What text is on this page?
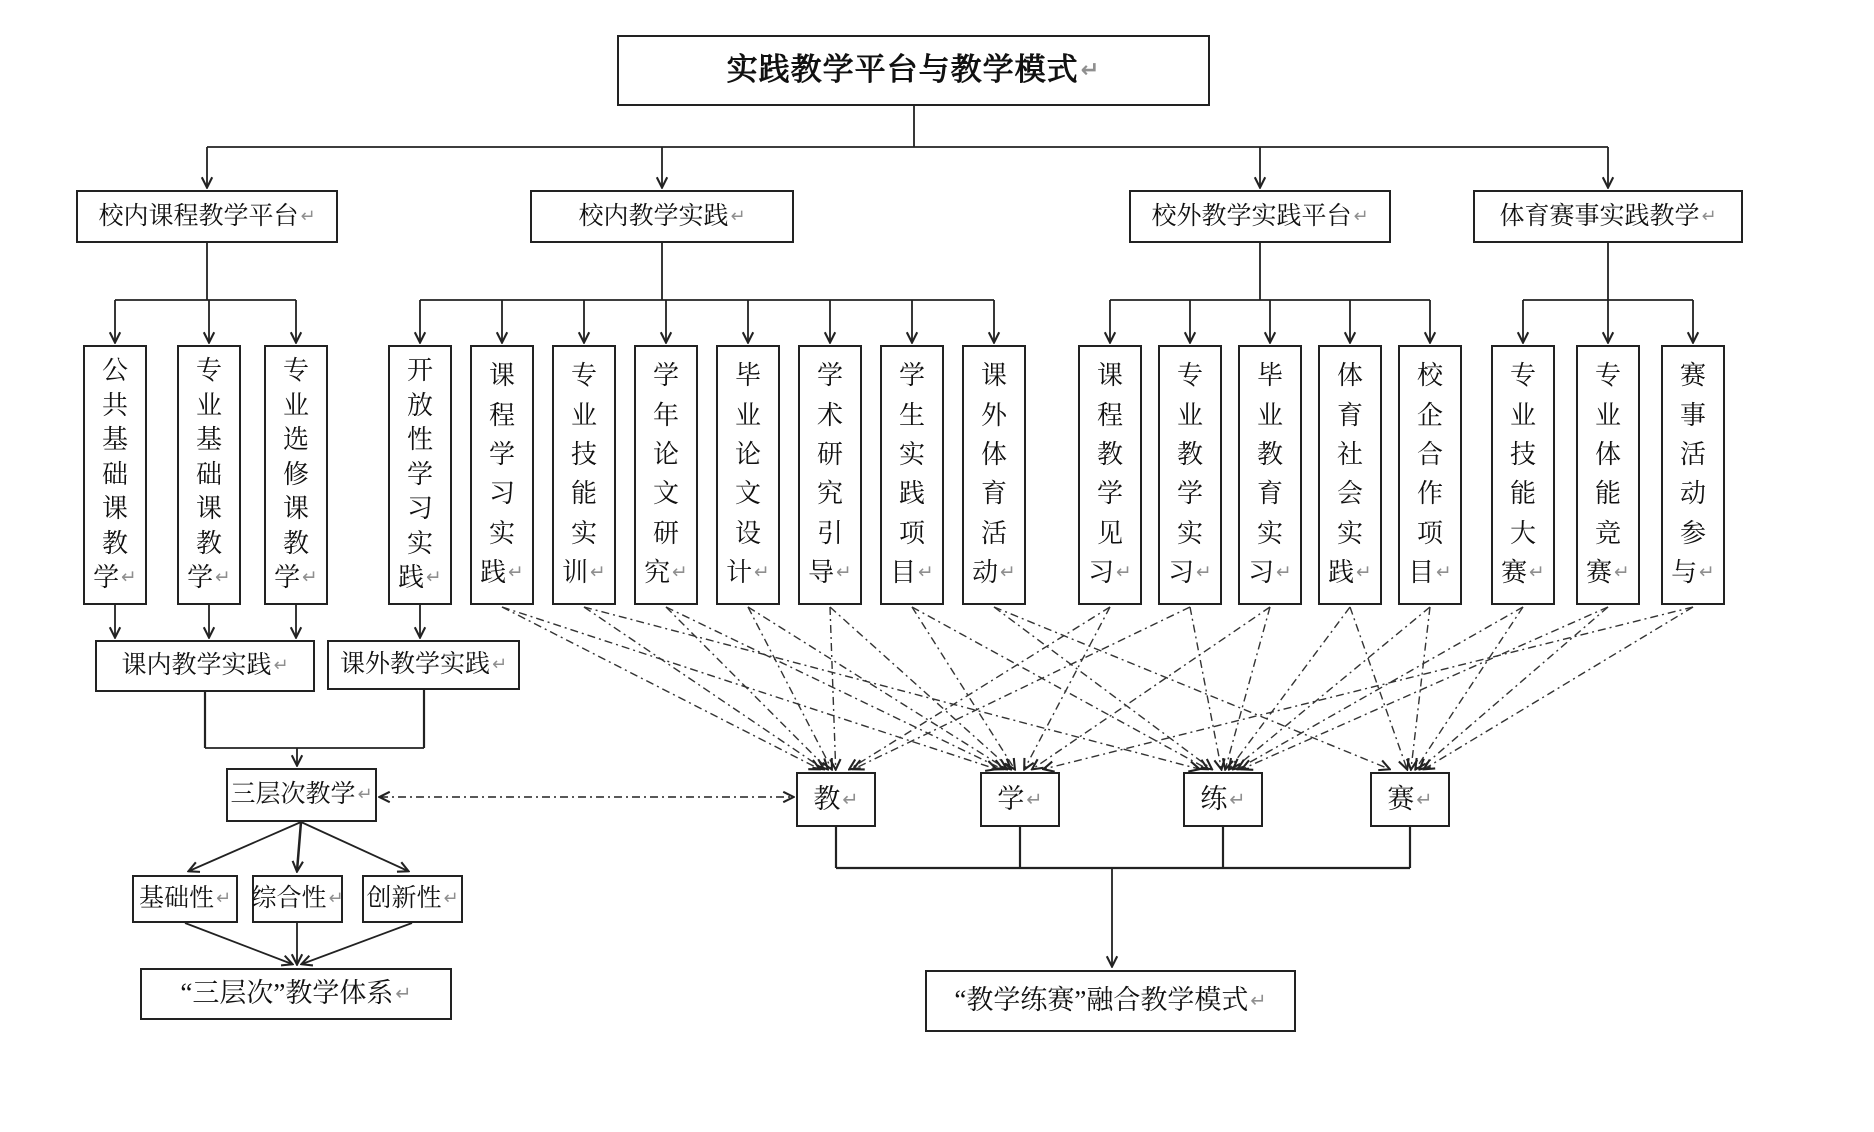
实践教学平台与教学模式 ↵
校内课程教学平台 ↵
公
共
基
础
课
教
学 ↵
专
业
基
础
课
教
学 ↵
专
业
选
修
课
教
学 ↵
校内教学实践 ↵
开
放
性
学
习
实
践 ↵
课
程
学
习
实
践 ↵
专
业
技
能
实
训 ↵
学
年
论
文
研
究 ↵
毕
业
论
文
设
计 ↵
学
术
研
究
引
导 ↵
学
生
实
践
项
目 ↵
课
外
体
育
活
动 ↵
校外教学实践平台 ↵
课
程
教
学
见
习 ↵
专
业
教
学
实
习 ↵
毕
业
教
育
实
习 ↵
体
育
社
会
实
践 ↵
校
企
合
作
项
目 ↵
体育赛事实践教学 ↵
专
业
技
能
大
赛 ↵
专
业
体
能
竞
赛 ↵
赛
事
活
动
参
与 ↵
课内教学实践 ↵ 课外教学实践 ↵
三层次教学 ↵
基础性 ↵ 综合性 ↵ 创新性 ↵
“三层次”教学体系 ↵
教 ↵	学 ↵	练 ↵	赛 ↵
“教学练赛”融合教学模式 ↵
